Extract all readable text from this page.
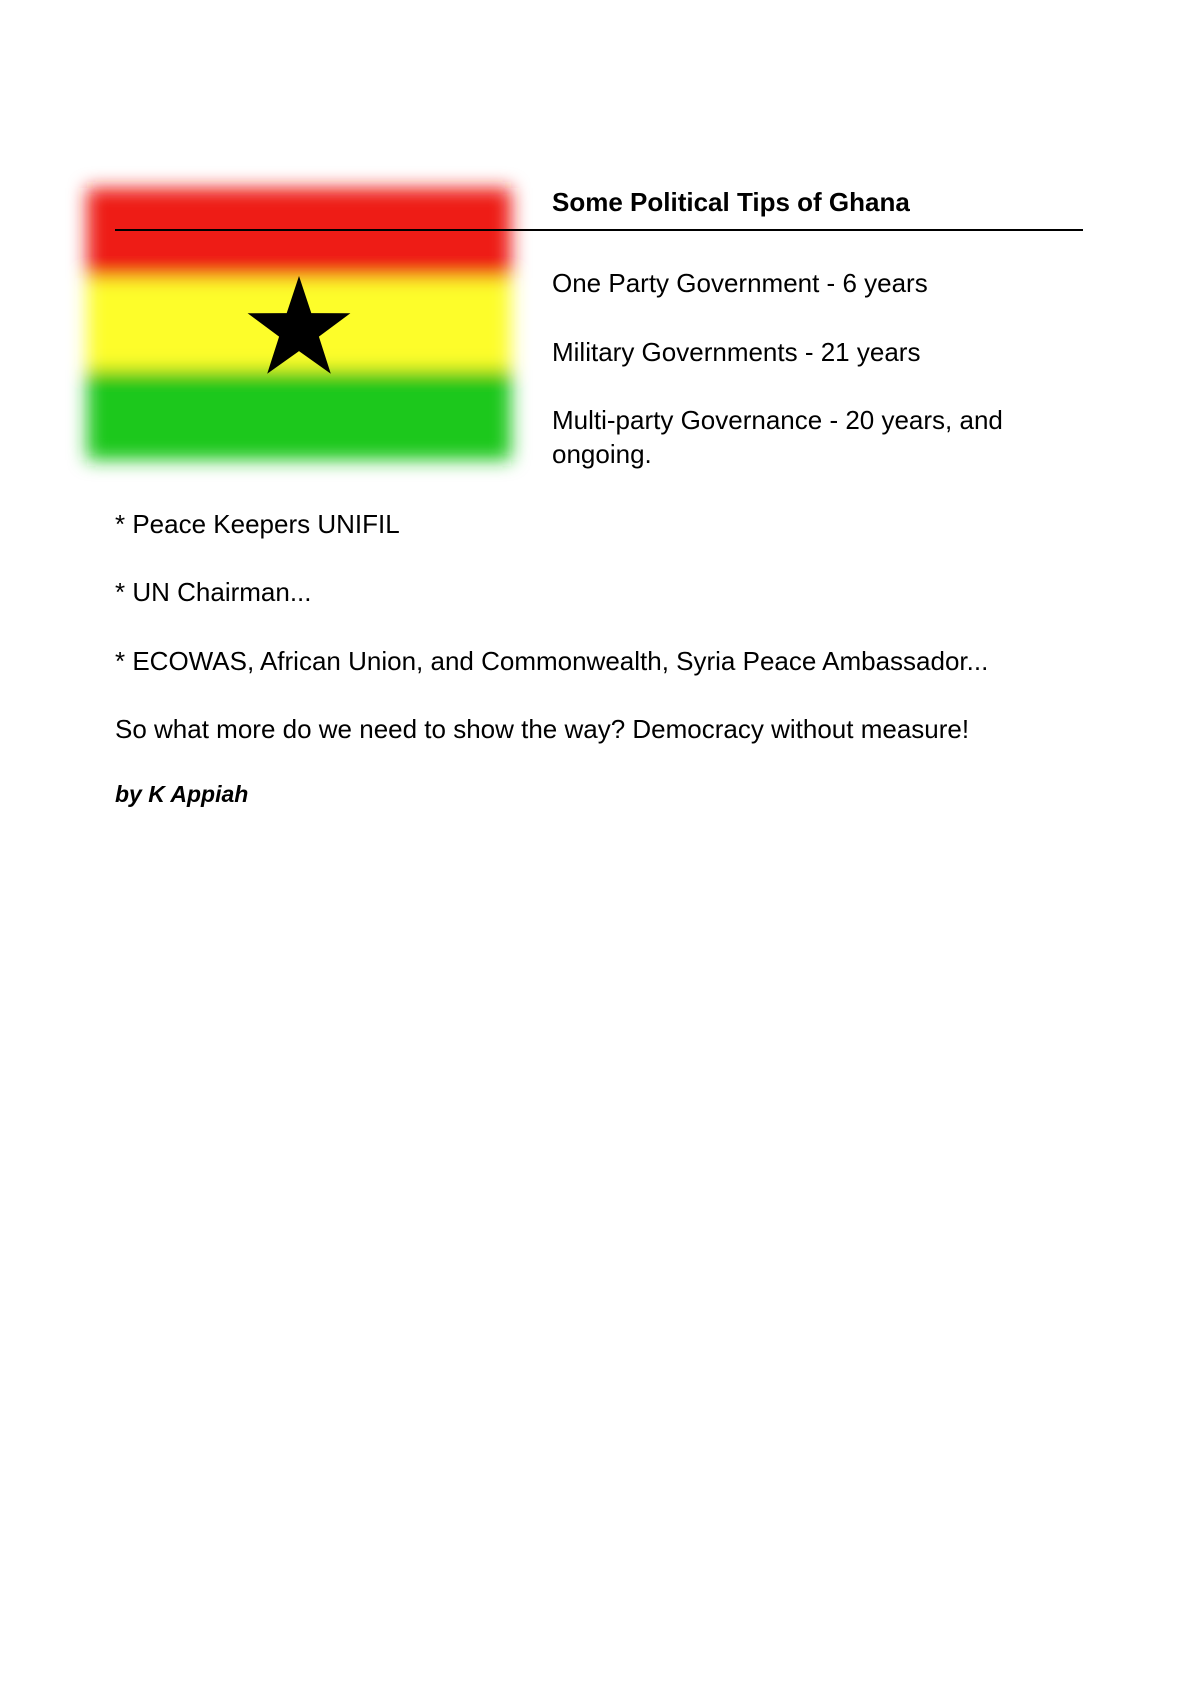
Some Political Tips of Ghana

One Party Government - 6 years

Military Governments - 21 years

Multi-party Governance - 20 years, and ongoing.

* Peace Keepers UNIFIL

* UN Chairman...

* ECOWAS, African Union, and Commonwealth, Syria Peace Ambassador...

So what more do we need to show the way? Democracy without measure!

by K Appiah
